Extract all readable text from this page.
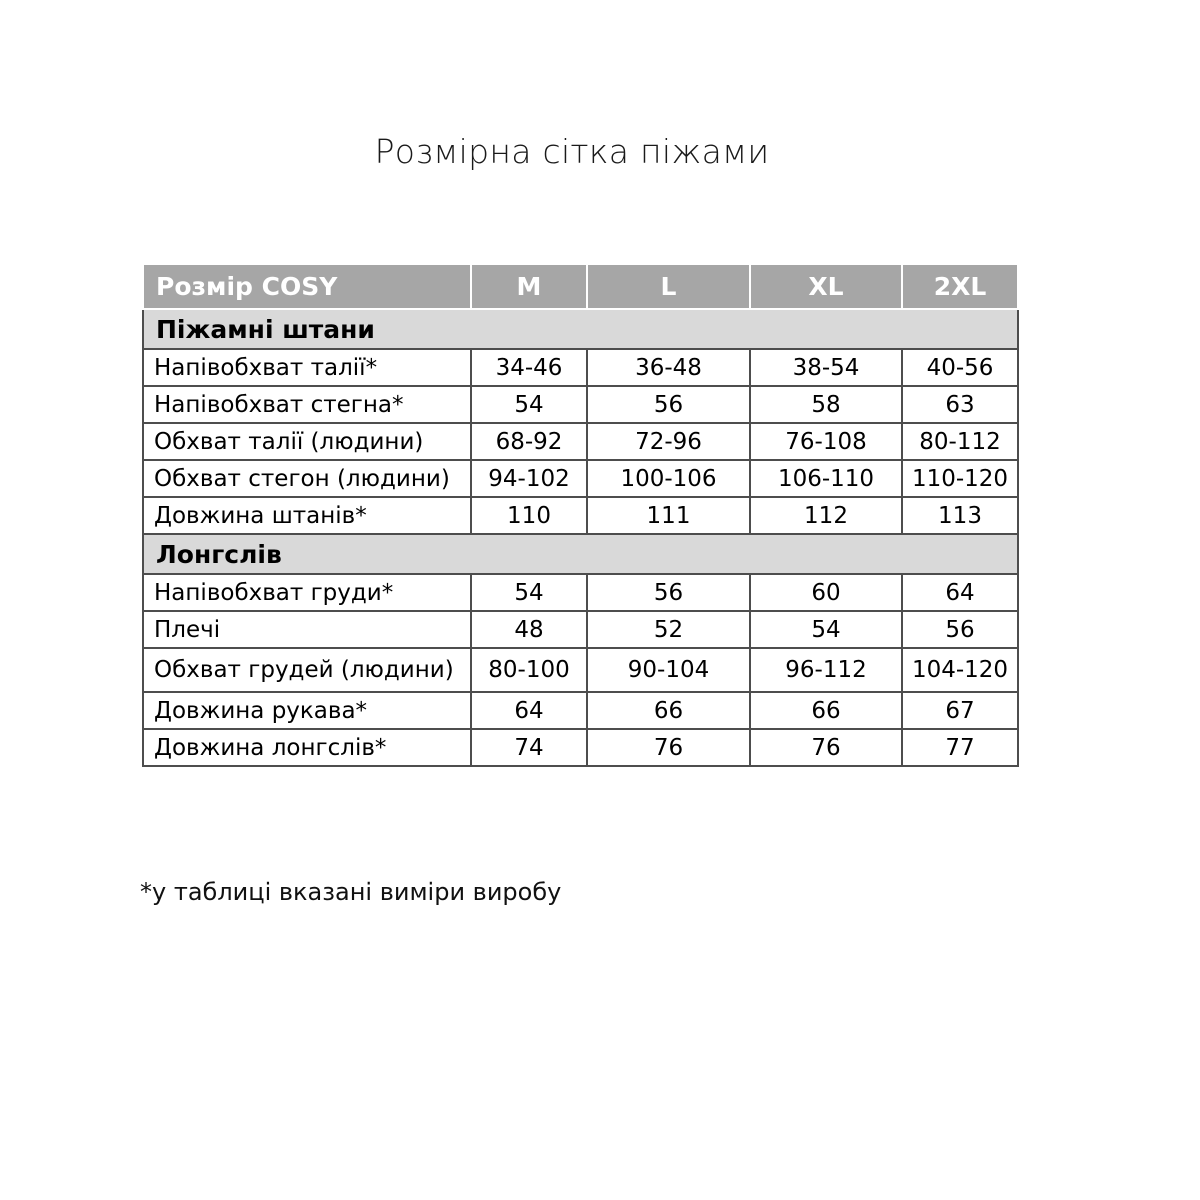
Розмірна сітка піжами
Розмір COSY	M	L	XL	2XL
Піжамні штани				
Напівобхват талії*	34-46	36-48	38-54	40-56
Напівобхват стегна*	54	56	58	63
Обхват талії (людини)	68-92	72-96	76-108	80-112
Обхват стегон (людини)	94-102	100-106	106-110	110-120
Довжина штанів*	110	111	112	113
Лонгслів				
Напівобхват груди*	54	56	60	64
Плечі	48	52	54	56
Обхват грудей (людини)	80-100	90-104	96-112	104-120
Довжина рукава*	64	66	66	67
Довжина лонгслів*	74	76	76	77
*у таблиці вказані виміри виробу
